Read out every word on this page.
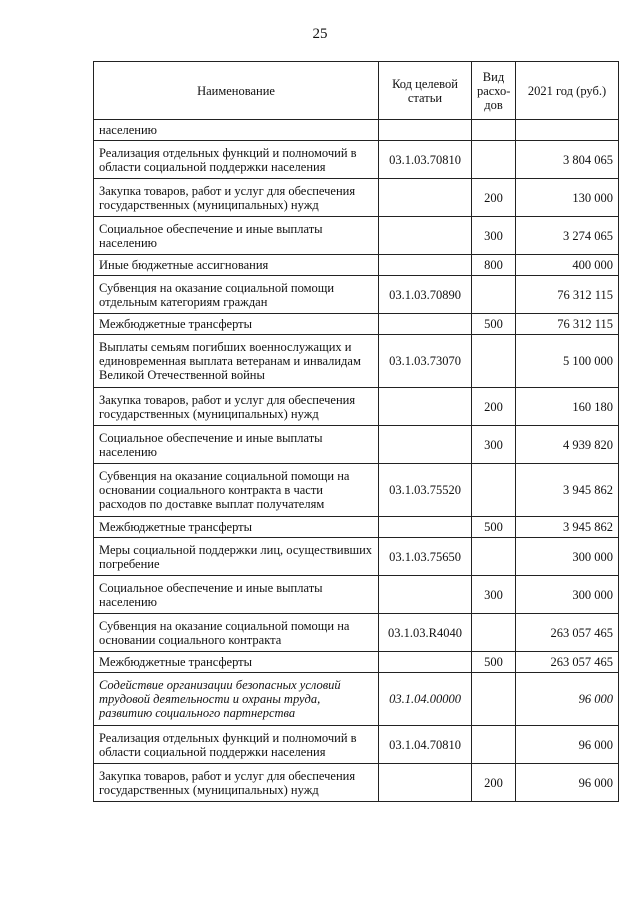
25
Наименование	Код целевой статьи	Вид расхо-дов	2021 год (руб.)
населению			
Реализация отдельных функций и полномочий в области социальной поддержки населения	03.1.03.70810		3 804 065
Закупка товаров, работ и услуг для обеспечения государственных (муниципальных) нужд		200	130 000
Социальное обеспечение и иные выплаты населению		300	3 274 065
Иные бюджетные ассигнования		800	400 000
Субвенция на оказание социальной помощи отдельным категориям граждан	03.1.03.70890		76 312 115
Межбюджетные трансферты		500	76 312 115
Выплаты семьям погибших военнослужащих и единовременная выплата ветеранам и инвалидам Великой Отечественной войны	03.1.03.73070		5 100 000
Закупка товаров, работ и услуг для обеспечения государственных (муниципальных) нужд		200	160 180
Социальное обеспечение и иные выплаты населению		300	4 939 820
Субвенция на оказание социальной помощи на основании социального контракта в части расходов по доставке выплат получателям	03.1.03.75520		3 945 862
Межбюджетные трансферты		500	3 945 862
Меры социальной поддержки лиц, осуществивших погребение	03.1.03.75650		300 000
Социальное обеспечение и иные выплаты населению		300	300 000
Субвенция на оказание социальной помощи на основании социального контракта	03.1.03.R4040		263 057 465
Межбюджетные трансферты		500	263 057 465
Содействие организации безопасных условий трудовой деятельности и охраны труда, развитию социального партнерства	03.1.04.00000		96 000
Реализация отдельных функций и полномочий в области социальной поддержки населения	03.1.04.70810		96 000
Закупка товаров, работ и услуг для обеспечения государственных (муниципальных) нужд		200	96 000
